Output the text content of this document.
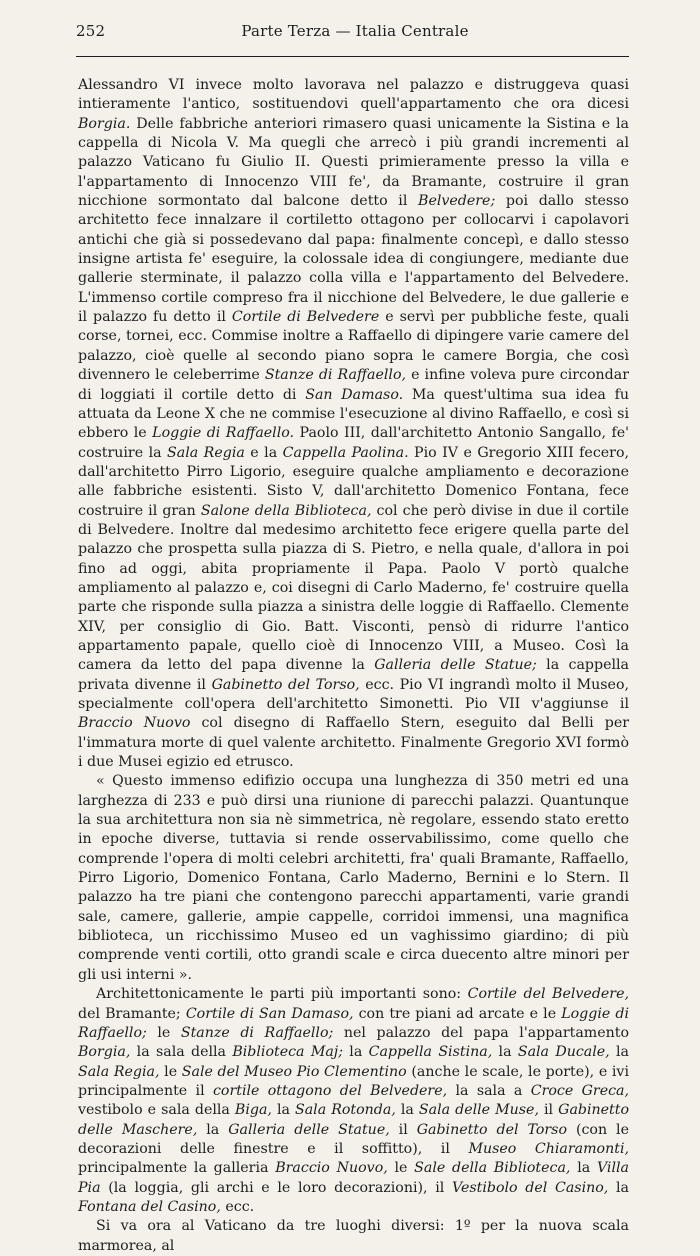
252	Parte Terza — Italia Centrale

Alessandro VI invece molto lavorava nel palazzo e distruggeva quasi intieramente l'antico, sostituendovi quell'appartamento che ora dicesi Borgia. Delle fabbriche anteriori rimasero quasi unicamente la Sistina e la cappella di Nicola V. Ma quegli che arrecò i più grandi incrementi al palazzo Vaticano fu Giulio II. Questi primieramente presso la villa e l'appartamento di Innocenzo VIII fe', da Bramante, costruire il gran nicchione sormontato dal balcone detto il Belvedere; poi dallo stesso architetto fece innalzare il cortiletto ottagono per collocarvi i capolavori antichi che già si possedevano dal papa: finalmente concepì, e dallo stesso insigne artista fe' eseguire, la colossale idea di congiungere, mediante due gallerie sterminate, il palazzo colla villa e l'appartamento del Belvedere. L'immenso cortile compreso fra il nicchione del Belvedere, le due gallerie e il palazzo fu detto il Cortile di Belvedere e servì per pubbliche feste, quali corse, tornei, ecc. Commise inoltre a Raffaello di dipingere varie camere del palazzo, cioè quelle al secondo piano sopra le camere Borgia, che così divennero le celeberrime Stanze di Raffaello, e infine voleva pure circondar di loggiati il cortile detto di San Damaso. Ma quest'ultima sua idea fu attuata da Leone X che ne commise l'esecuzione al divino Raffaello, e così si ebbero le Loggie di Raffaello. Paolo III, dall'architetto Antonio Sangallo, fe' costruire la Sala Regia e la Cappella Paolina. Pio IV e Gregorio XIII fecero, dall'architetto Pirro Ligorio, eseguire qualche ampliamento e decorazione alle fabbriche esistenti. Sisto V, dall'architetto Domenico Fontana, fece costruire il gran Salone della Biblioteca, col che però divise in due il cortile di Belvedere. Inoltre dal medesimo architetto fece erigere quella parte del palazzo che prospetta sulla piazza di S. Pietro, e nella quale, d'allora in poi fino ad oggi, abita propriamente il Papa. Paolo V portò qualche ampliamento al palazzo e, coi disegni di Carlo Maderno, fe' costruire quella parte che risponde sulla piazza a sinistra delle loggie di Raffaello. Clemente XIV, per consiglio di Gio. Batt. Visconti, pensò di ridurre l'antico appartamento papale, quello cioè di Innocenzo VIII, a Museo. Così la camera da letto del papa divenne la Galleria delle Statue; la cappella privata divenne il Gabinetto del Torso, ecc. Pio VI ingrandì molto il Museo, specialmente coll'opera dell'architetto Simonetti. Pio VII v'aggiunse il Braccio Nuovo col disegno di Raffaello Stern, eseguito dal Belli per l'immatura morte di quel valente architetto. Finalmente Gregorio XVI formò i due Musei egizio ed etrusco.

« Questo immenso edifizio occupa una lunghezza di 350 metri ed una larghezza di 233 e può dirsi una riunione di parecchi palazzi. Quantunque la sua architettura non sia nè simmetrica, nè regolare, essendo stato eretto in epoche diverse, tuttavia si rende osservabilissimo, come quello che comprende l'opera di molti celebri architetti, fra' quali Bramante, Raffaello, Pirro Ligorio, Domenico Fontana, Carlo Maderno, Bernini e lo Stern. Il palazzo ha tre piani che contengono parecchi appartamenti, varie grandi sale, camere, gallerie, ampie cappelle, corridoi immensi, una magnifica biblioteca, un ricchissimo Museo ed un vaghissimo giardino; di più comprende venti cortili, otto grandi scale e circa duecento altre minori per gli usi interni ».

Architettonicamente le parti più importanti sono: Cortile del Belvedere, del Bramante; Cortile di San Damaso, con tre piani ad arcate e le Loggie di Raffaello; le Stanze di Raffaello; nel palazzo del papa l'appartamento Borgia, la sala della Biblioteca Maj; la Cappella Sistina, la Sala Ducale, la Sala Regia, le Sale del Museo Pio Clementino (anche le scale, le porte), e ivi principalmente il cortile ottagono del Belvedere, la sala a Croce Greca, vestibolo e sala della Biga, la Sala Rotonda, la Sala delle Muse, il Gabinetto delle Maschere, la Galleria delle Statue, il Gabinetto del Torso (con le decorazioni delle finestre e il soffitto), il Museo Chiaramonti, principalmente la galleria Braccio Nuovo, le Sale della Biblioteca, la Villa Pia (la loggia, gli archi e le loro decorazioni), il Vestibolo del Casino, la Fontana del Casino, ecc.

Si va ora al Vaticano da tre luoghi diversi: 1º per la nuova scala marmorea, al
